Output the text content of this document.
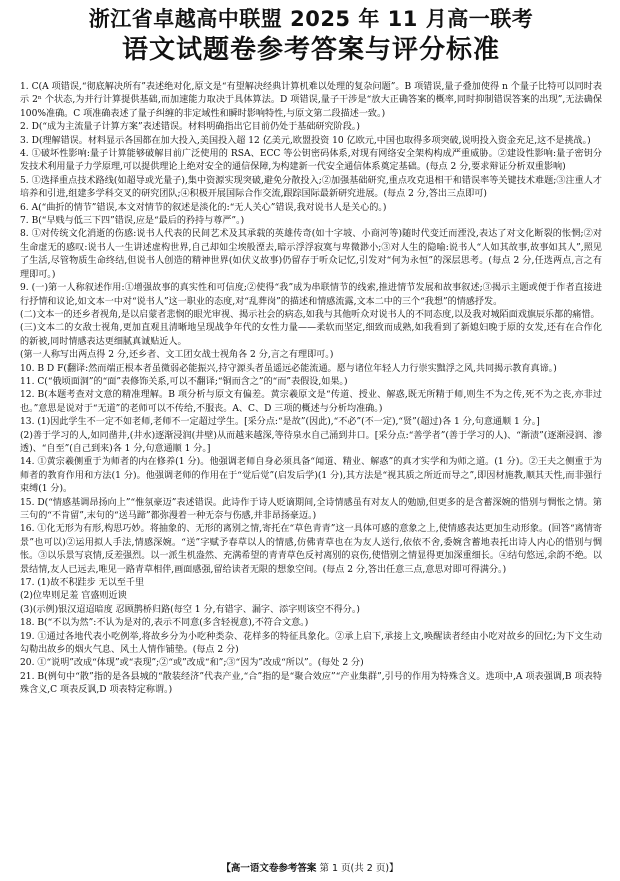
浙江省卓越高中联盟 2025 年 11 月高一联考
语文试题卷参考答案与评分标准

1. C(A 项错误,“彻底解决所有”表述绝对化,原文是“有望解决经典计算机难以处理的复杂问题”。B 项错误,量子叠加使得 n 个量子比特可以同时表示 2ⁿ 个状态,为并行计算提供基础,而加速能力取决于具体算法。D 项错误,量子干涉是“放大正确答案的概率,同时抑制错误答案的出现”,无法确保 100%准确。C 项准确表述了量子纠缠的非定域性和瞬时影响特性,与原文第二段描述一致。)

2. D(“成为主流量子计算方案”表述错误。材料明确指出它目前仍处于基础研究阶段。)

3. D(理解错误。材料显示各国都在加大投入,美国投入超 12 亿美元,欧盟投资 10 亿欧元,中国也取得多项突破,说明投入资金充足,这不是挑战。)

4. ①破坏性影响:量子计算能够破解目前广泛使用的 RSA、ECC 等公钥密码体系,对现有网络安全架构构成严重威胁。②建设性影响:量子密钥分发技术利用量子力学原理,可以提供理论上绝对安全的通信保障,为构建新一代安全通信体系奠定基础。(每点 2 分,要求辩证分析双重影响)

5. ①选择重点技术路线(如超导或光量子),集中资源实现突破,避免分散投入;②加强基础研究,重点攻克退相干和错误率等关键技术难题;③注重人才培养和引进,组建多学科交叉的研究团队;④积极开展国际合作交流,跟踪国际最新研究进展。(每点 2 分,答出三点即可)

6. A(“曲折的情节”错误,本文对情节的叙述是淡化的:“无人关心”错误,我对说书人是关心的。)

7. B(“早贱与低三下四”错误,应是“最后的矜持与尊严”。)

8. ①对传统文化消逝的伤感:说书人代表的民间艺术及其承载的英雄传奇(如十字坡、小商河等)随时代变迁而湮没,表达了对文化断裂的怅惘;②对生命虚无的感叹:说书人一生讲述虚构世界,自己却如尘埃般湮去,暗示浮浮寂寞与卑微渺小;③对人生的隐喻:说书人“人如其故事,故事如其人”,照见了生活,尽管物质生命终结,但说书人创造的精神世界(如伏义故事)仍留存于听众记忆,引发对“何为永恒”的深层思考。(每点 2 分,任选两点,言之有理即可。)

9. (一)第一人称叙述作用:①增强故事的真实性和可信度;②使得“我”成为串联情节的线索,推进情节发展和故事叙述;③揭示主题或便于作者直接进行抒情和议论,如文本一中对“说书人”这一职业的态度,对“乱葬岗”的描述和情感流露,文本二中的三个“我想”的情感抒发。

(二)文本一的还乡者视角,是以启蒙者悲悯的眼光审视、揭示社会的病态,如我与其他听众对说书人的不同态度,以及我对城陌面戏旗辰乐都的痛惜。

(三)文本二的女敌士视角,更加直观且清晰地呈现战争年代的女性力量——柔软而坚定,细致而成熟,如我看到了新媳妇晚于原的女发,还有在合作化的新被,同时情感表达更细腻真诚贴近人。

(第一人称写出两点得 2 分,还乡者、文工团女战士视角各 2 分,言之有理即可。)

10. B D F(翻译:然而端正根本者虽微弱必能振兴,持守源头者虽遥远必能流通。愿与诸位年轻人力行崇实黜浮之风,共同揭示教育真谛。)

11. C(“俄顷面洞”的“面”表修饰关系,可以不翻译;“铜而含之”的“而”表假设,如果。)

12. B(本题考查对文意的精准理解。B 项分析与原文有偏差。黄宗羲原文是“传道、授业、解惑,既无所精于师,则生不为之传,死不为之丧,亦非过也。”意思是说对于“无道”的老师可以不传给,不服丧。A、C、D 三项的概述与分析均准确。)

13. (1)因此学生不一定不如老师,老师不一定超过学生。[采分点:“是故”(因此),“不必”(不一定),“贤”(超过)各 1 分,句意通顺 1 分。]

(2)善于学习的人,如同凿井,(井水)逐渐浸润(井壁)从而越来越深,等待泉水自己涌到井口。[采分点:“善学者”(善于学习的人)、“渐渍”(逐渐浸润、渗透)、“自至”(自己到来)各 1 分,句意通顺 1 分。]

14. ①黄宗羲侧重于为师者的内在修养(1 分)。他强调老师自身必须具备“闻道、精业、解惑”的真才实学和为师之道。(1 分)。②王夫之侧重于为师者的教育作用和方法(1 分)。他强调老师的作用在于“觉后觉”(启发后学)(1 分),其方法是“视其质之所近而导之”,即因材施教,顺其天性,而非强行束缚(1 分)。

15. D(“情感基调昂扬向上”“惟氛豪迈”表述错误。此诗作于诗人贬谪期间,全诗情感虽有对友人的勉励,但更多的是含蓄深婉的惜别与惆怅之情。第三句的“不肯留”,末句的“送马蹄”都弥漫着一种无奈与伤感,并非昂扬豪迈。)

16. ①化无形为有形,构思巧妙。将抽象的、无形的离别之情,寄托在“草色青青”这一具体可感的意象之上,使情感表达更加生动形象。(回答“离情寄景”也可以)②运用拟人手法,情感深婉。“送”字赋予春草以人的情感,仿佛青草也在为友人送行,依依不舍,委婉含蓄地表托出诗人内心的惜别与惆怅。③以乐景写哀情,反差强烈。以一派生机盎然、充满希望的青青草色反衬离别的哀伤,使惜别之情显得更加深重细长。④结句悠远,余韵不绝。以景结情,友人已远去,唯见一路青草相伴,画面感强,留给读者无限的想象空间。(每点 2 分,答出任意三点,意思对即可得满分。)

17. (1)故不积跬步 无以至千里

(2)位卑则足羞 官盛则近谀

(3)(示例)银汉迢迢暗度 忍顾鹊桥归路(每空 1 分,有错字、漏字、添字则该空不得分。)

18. B(“不以为然”:不认为是对的,表示不同意(多含轻视意),不符合文意。)

19. ①通过各地代表小吃例举,将故乡分为小吃种类杂、花样多的特征具象化。②承上启下,承接上文,唤醒读者经由小吃对故乡的回忆;为下文生动勾勒出故乡的烟火气息、风土人情作铺垫。(每点 2 分)

20. ①“说明”改成“体现”或“表现”;②“或”改成“和”;③“因为”改成“所以”。(每处 2 分)

21. B(例句中“散”指的是各县城的“散装经济”代表产业,“合”指的是“聚合效应”“产业集群”,引号的作用为特殊含义。选项中,A 项表强调,B 项表特殊含义,C 项表反讽,D 项表特定称谓。)

【高一语文卷参考答案 第 1 页(共 2 页)】
